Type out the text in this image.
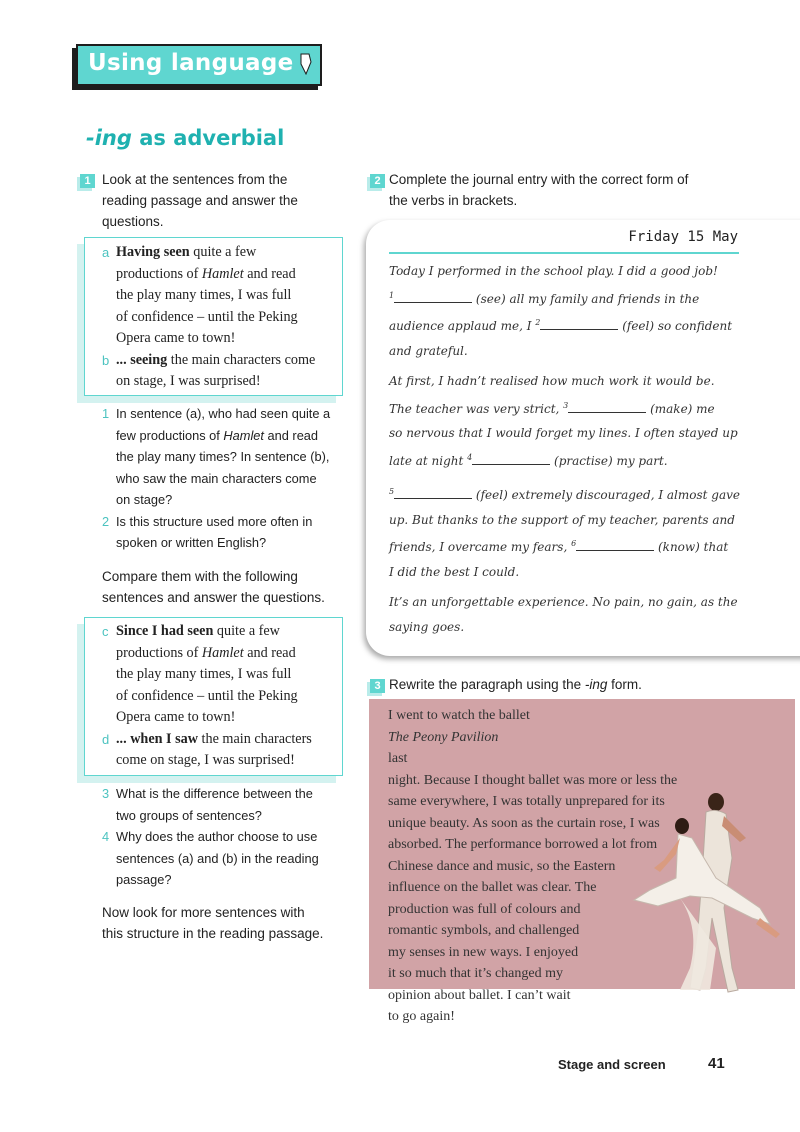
Using language
-ing as adverbial
1 Look at the sentences from the
reading passage and answer the
questions.
a Having seen quite a few
productions of Hamlet and read
the play many times, I was full
of confidence – until the Peking
Opera came to town!
b ... seeing the main characters come
on stage, I was surprised!
1 In sentence (a), who had seen quite a
few productions of Hamlet and read
the play many times? In sentence (b),
who saw the main characters come
on stage?
2 Is this structure used more often in
spoken or written English?
Compare them with the following
sentences and answer the questions.
c Since I had seen quite a few
productions of Hamlet and read
the play many times, I was full
of confidence – until the Peking
Opera came to town!
d ... when I saw the main characters
come on stage, I was surprised!
3 What is the difference between the
two groups of sentences?
4 Why does the author choose to use
sentences (a) and (b) in the reading
passage?
Now look for more sentences with
this structure in the reading passage.
2 Complete the journal entry with the correct form of
the verbs in brackets.
Friday 15 May
Today I performed in the school play. I did a good job!
$^1$	(see) all my family and friends in the
audience applaud me, I $^2$	(feel) so confident
and grateful.
At first, I hadn’t realised how much work it would be.
The teacher was very strict, $^3$	(make) me
so nervous that I would forget my lines. I often stayed up
late at night $^4$	(practise) my part.
$^5$	(feel) extremely discouraged, I almost gave
up. But thanks to the support of my teacher, parents and
friends, I overcame my fears, $^6$	(know) that
I did the best I could.
It’s an unforgettable experience. No pain, no gain, as the
saying goes.
3 Rewrite the paragraph using the -ing form.
I went to watch the ballet
The Peony Pavilion
last
night. Because I thought ballet was more or less the
same everywhere, I was totally unprepared for its
unique beauty. As soon as the curtain rose, I was
absorbed. The performance borrowed a lot from
Chinese dance and music, so the Eastern
influence on the ballet was clear. The
production was full of colours and
romantic symbols, and challenged
my senses in new ways. I enjoyed
it so much that it’s changed my
opinion about ballet. I can’t wait
to go again!
Stage and screen	41
